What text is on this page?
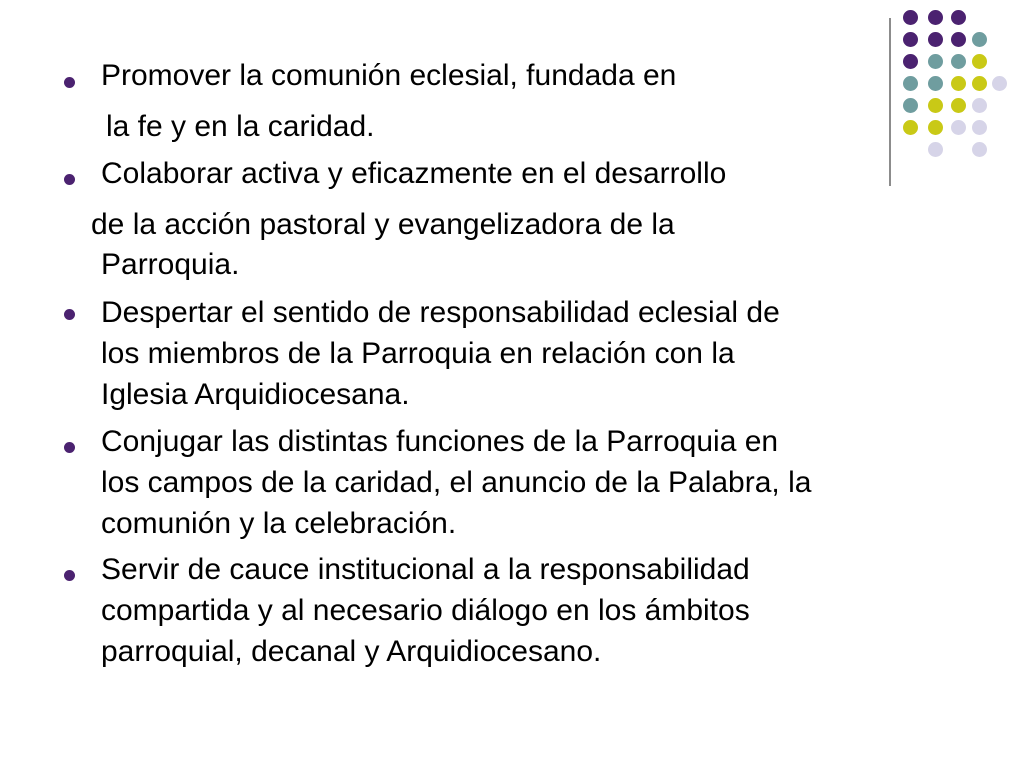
Promover la comunión eclesial, fundada en
la fe y en la caridad.
Colaborar activa y eficazmente en el desarrollo
de la acción pastoral y evangelizadora de la
Parroquia.
Despertar el sentido de responsabilidad eclesial de
los miembros de la Parroquia en relación con la
Iglesia Arquidiocesana.
Conjugar las distintas funciones de la Parroquia en
los campos de la caridad, el anuncio de la Palabra, la
comunión y la celebración.
Servir de cauce institucional a la responsabilidad
compartida y al necesario diálogo en los ámbitos
parroquial, decanal y Arquidiocesano.
